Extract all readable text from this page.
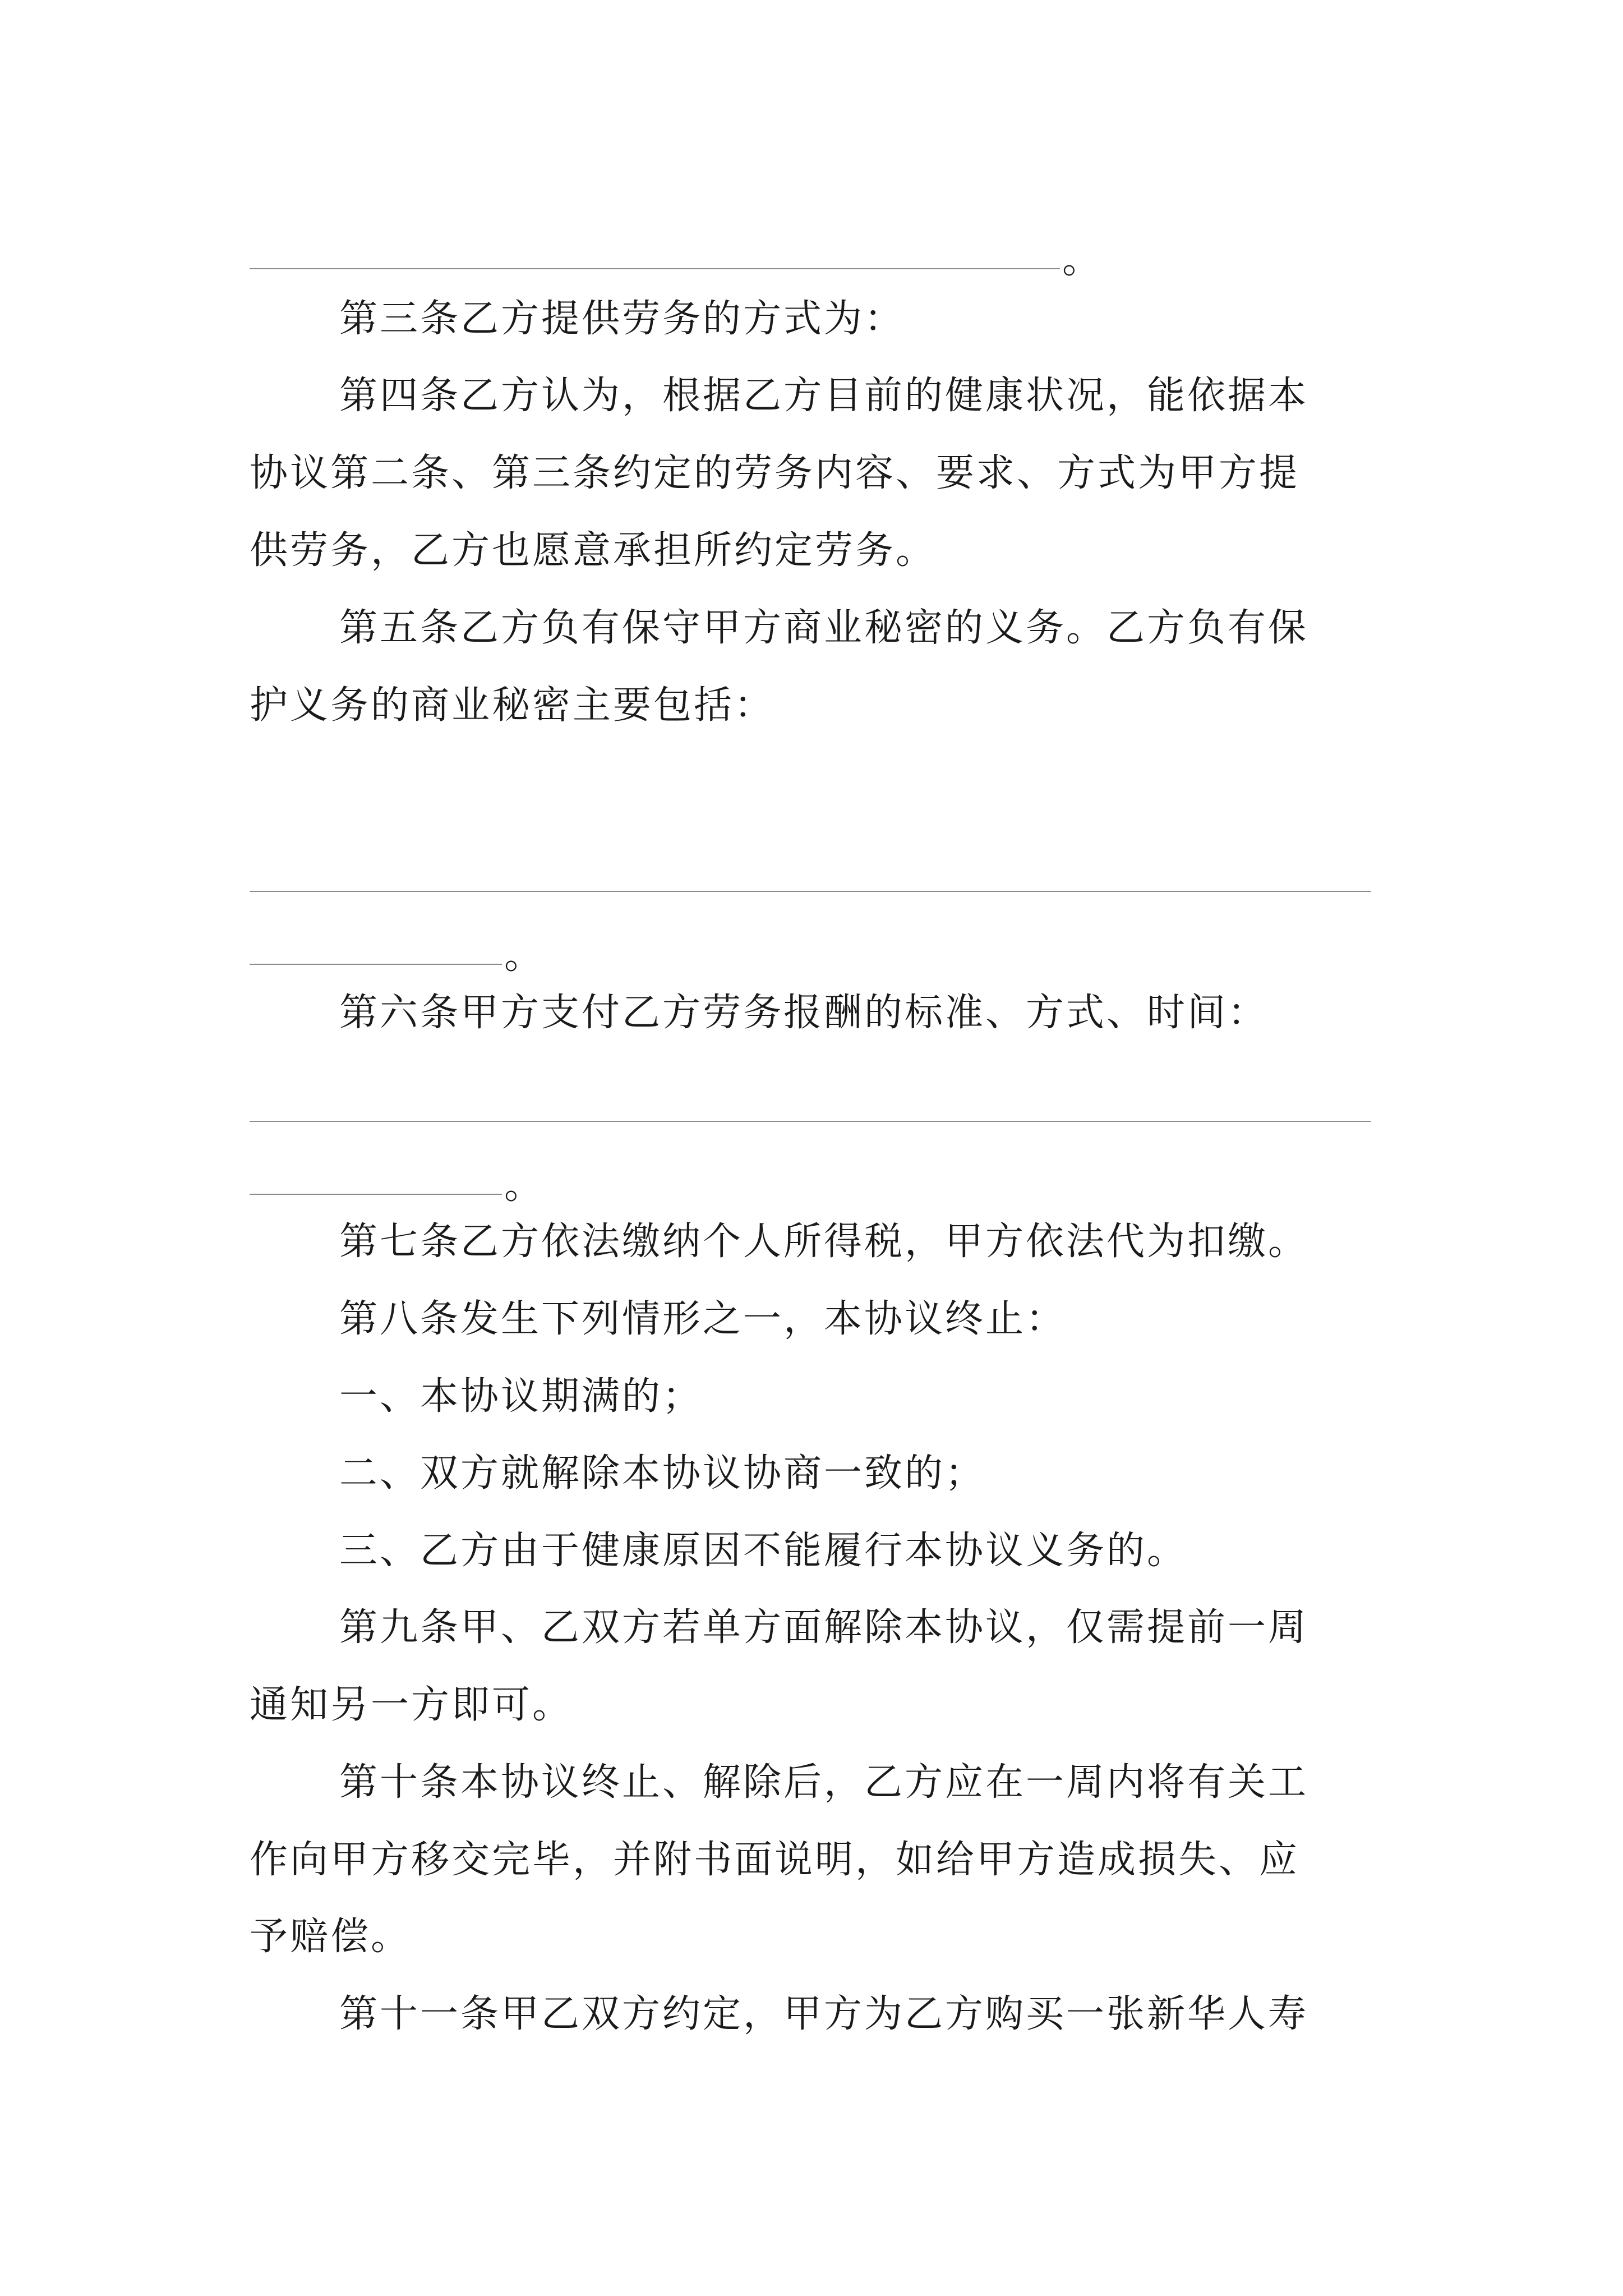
。
第三条乙方提供劳务的方式为：
第四条乙方认为，根据乙方目前的健康状况，能依据本
协议第二条、第三条约定的劳务内容、要求、方式为甲方提
供劳务，乙方也愿意承担所约定劳务。
第五条乙方负有保守甲方商业秘密的义务。乙方负有保
护义务的商业秘密主要包括：
。
第六条甲方支付乙方劳务报酬的标准、方式、时间：
。
第七条乙方依法缴纳个人所得税，甲方依法代为扣缴。
第八条发生下列情形之一，本协议终止：
一、本协议期满的；
二、双方就解除本协议协商一致的；
三、乙方由于健康原因不能履行本协议义务的。
第九条甲、乙双方若单方面解除本协议，仅需提前一周
通知另一方即可。
第十条本协议终止、解除后，乙方应在一周内将有关工
作向甲方移交完毕，并附书面说明，如给甲方造成损失、应
予赔偿。
第十一条甲乙双方约定，甲方为乙方购买一张新华人寿
